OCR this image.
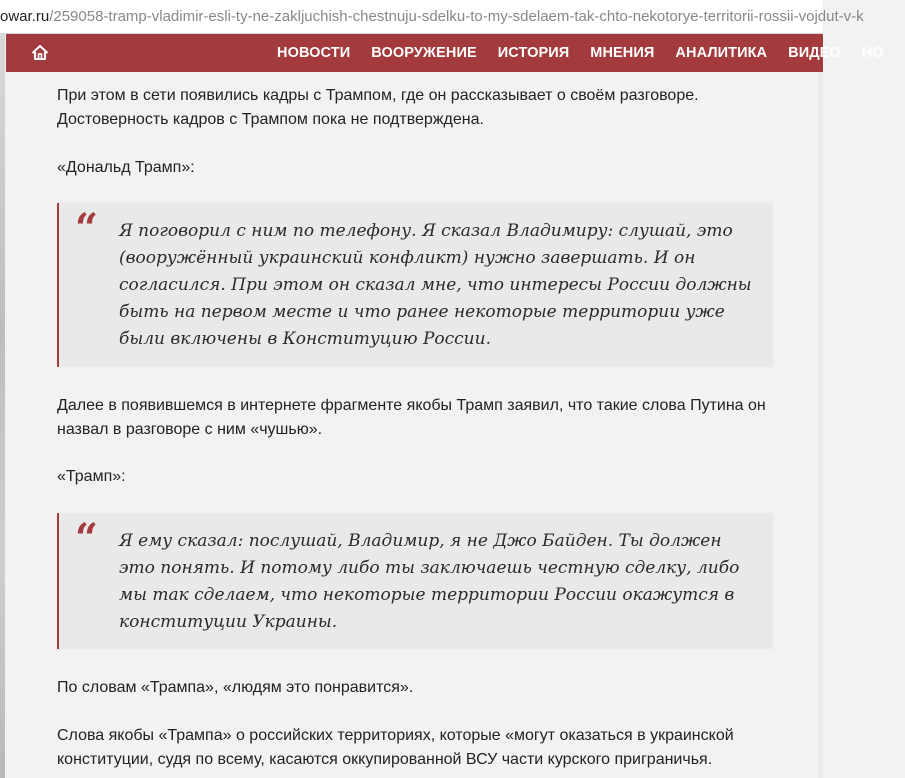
owar.ru/259058-tramp-vladimir-esli-ty-ne-zakljuchish-chestnuju-sdelku-to-my-sdelaem-tak-chto-nekotorye-territorii-rossii-vojdut-v-k
НОВОСТИ ВООРУЖЕНИЕ ИСТОРИЯ МНЕНИЯ АНАЛИТИКА ВИДЕО НО

При этом в сети появились кадры с Трампом, где он рассказывает о своём разговоре. Достоверность кадров с Трампом пока не подтверждена.

«Дональд Трамп»:

“ Я поговорил с ним по телефону. Я сказал Владимиру: слушай, это (вооружённый украинский конфликт) нужно завершать. И он согласился. При этом он сказал мне, что интересы России должны быть на первом месте и что ранее некоторые территории уже были включены в Конституцию России.

Далее в появившемся в интернете фрагменте якобы Трамп заявил, что такие слова Путина он назвал в разговоре с ним «чушью».

«Трамп»:

“ Я ему сказал: послушай, Владимир, я не Джо Байден. Ты должен это понять. И потому либо ты заключаешь честную сделку, либо мы так сделаем, что некоторые территории России окажутся в конституции Украины.

По словам «Трампа», «людям это понравится».

Слова якобы «Трампа» о российских территориях, которые «могут оказаться в украинской конституции, судя по всему, касаются оккупированной ВСУ части курского приграничья.
